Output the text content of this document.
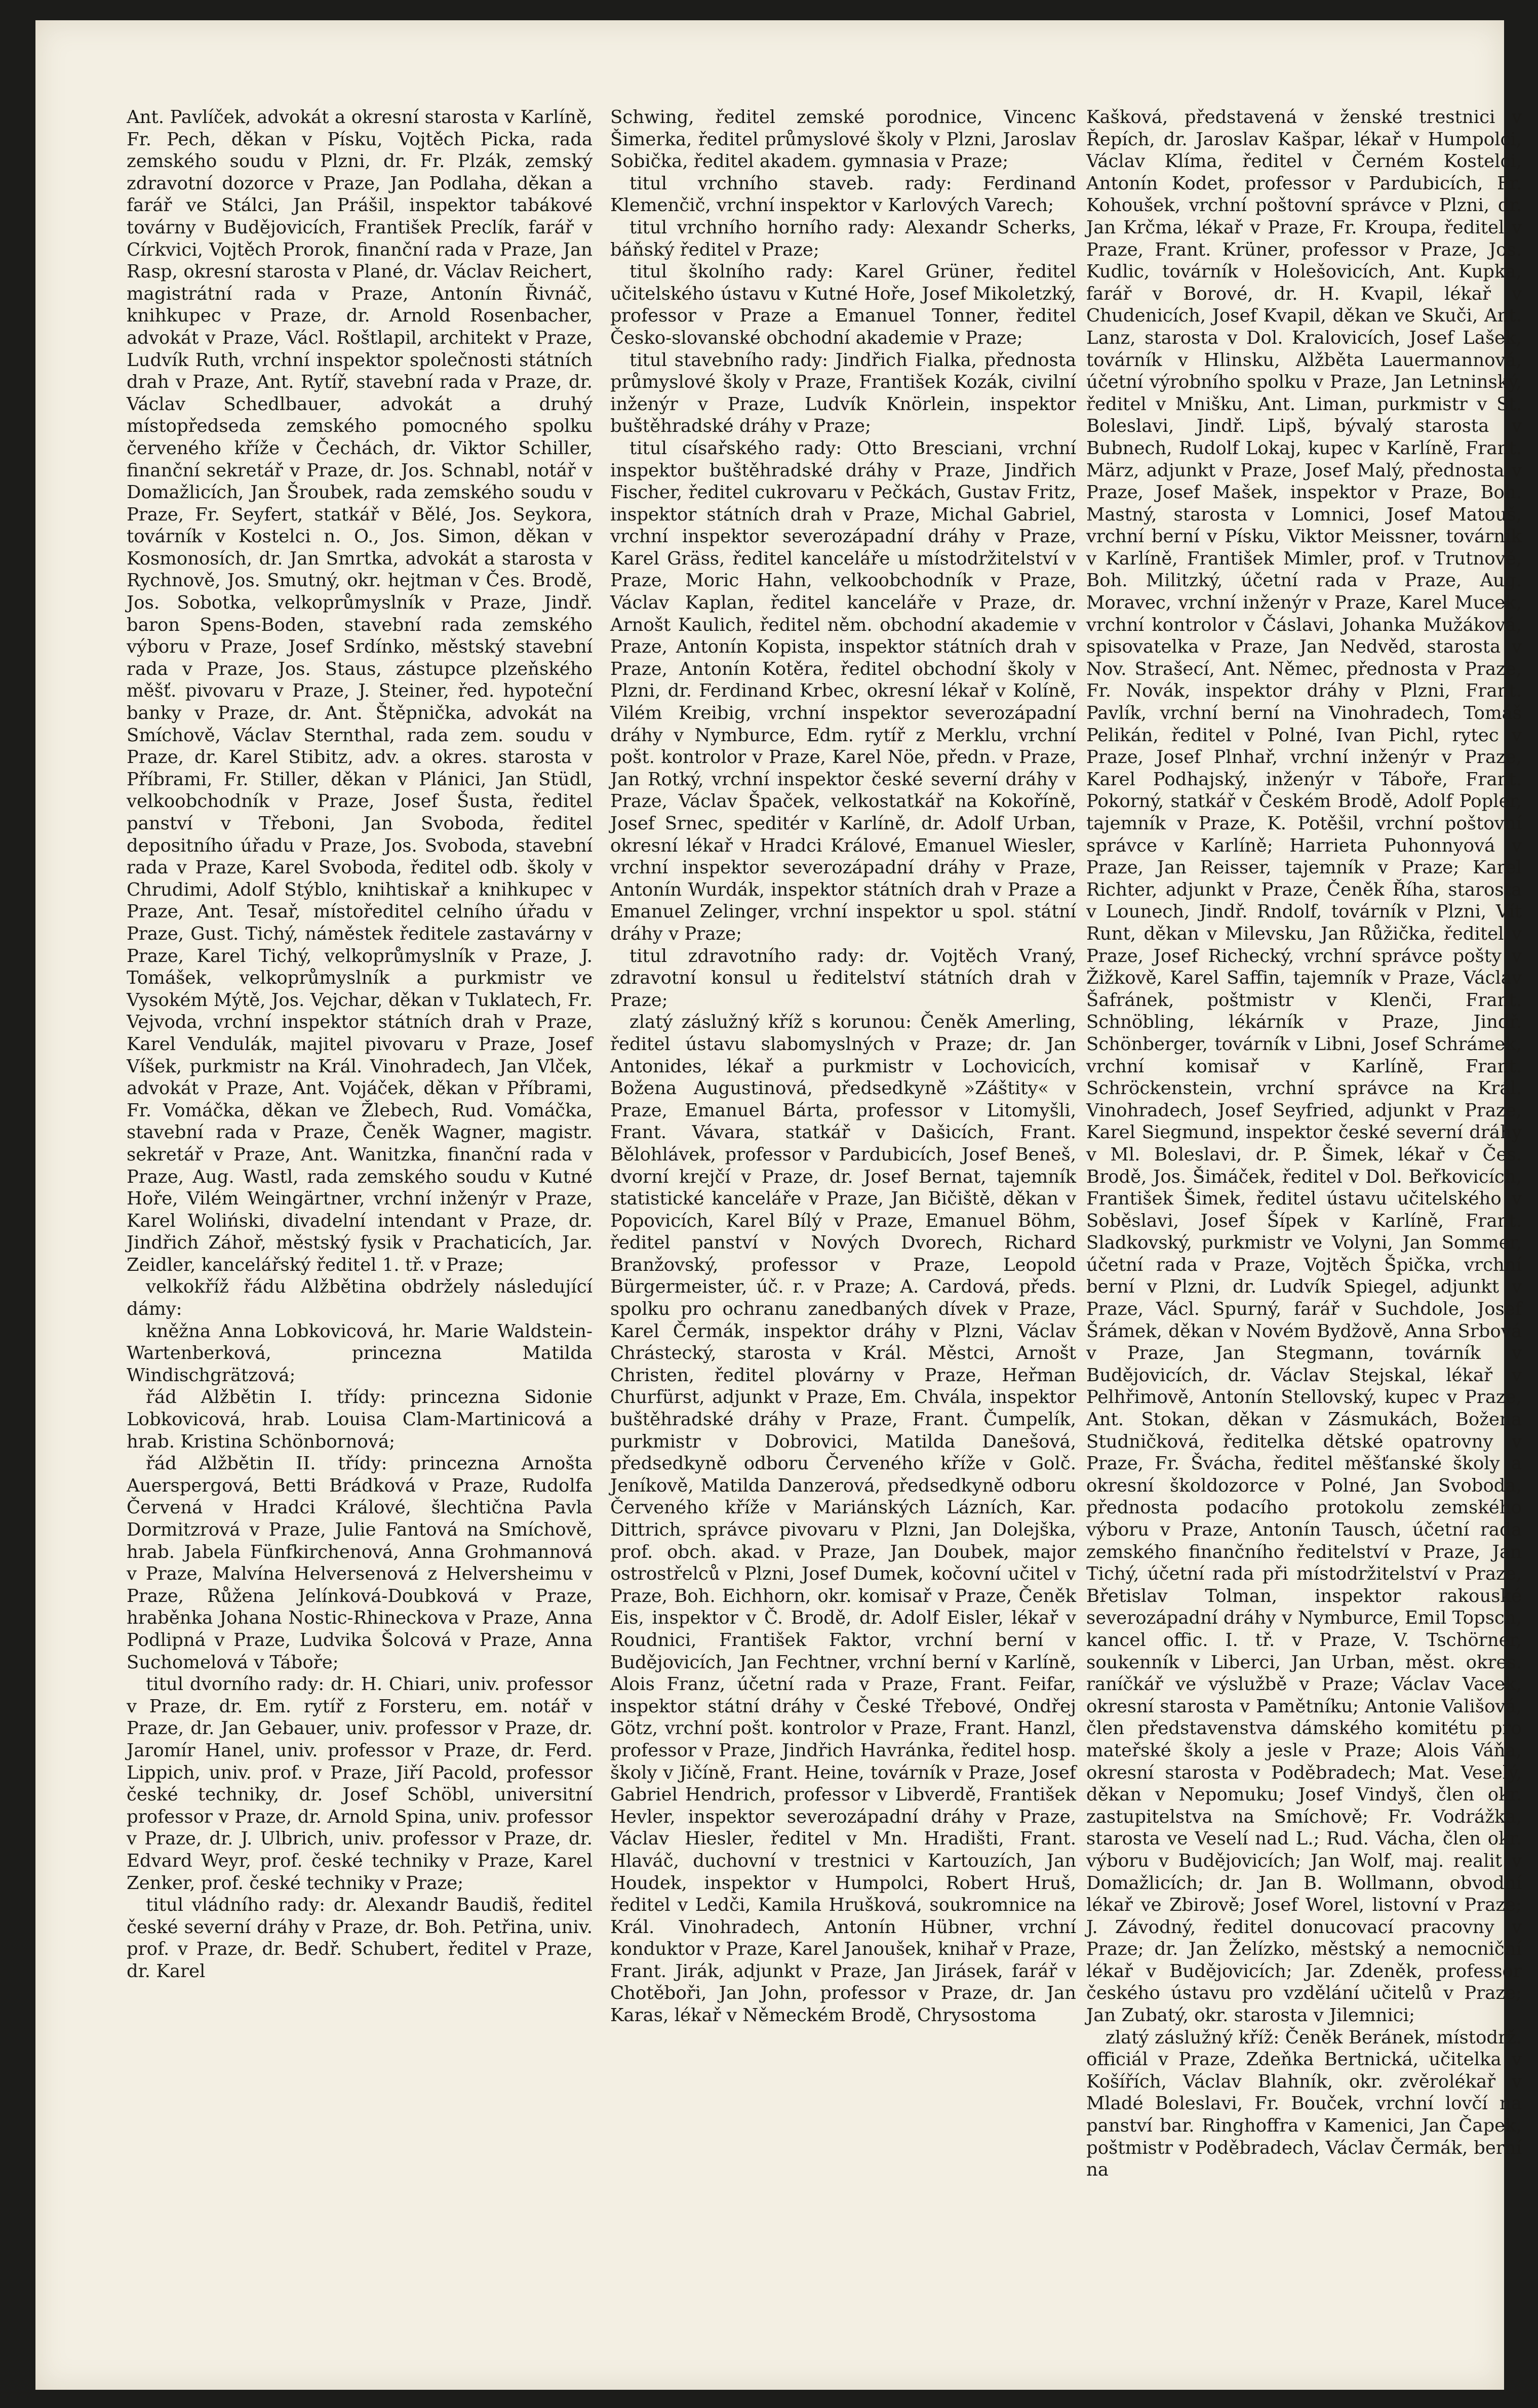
Ant. Pavlíček, advokát a okresní starosta v Karlíně, Fr. Pech, děkan v Písku, Vojtěch Picka, rada zemského soudu v Plzni, dr. Fr. Plzák, zemský zdravotní dozorce v Praze, Jan Podlaha, děkan a farář ve Stálci, Jan Prášil, inspektor tabákové továrny v Budějovicích, František Preclík, farář v Církvici, Vojtěch Prorok, finanční rada v Praze, Jan Rasp, okresní starosta v Plané, dr. Václav Reichert, magistrátní rada v Praze, Antonín Řivnáč, knihkupec v Praze, dr. Arnold Rosenbacher, advokát v Praze, Václ. Roštlapil, architekt v Praze, Ludvík Ruth, vrchní inspektor společnosti státních drah v Praze, Ant. Rytíř, stavební rada v Praze, dr. Václav Schedlbauer, advokát a druhý místopředseda zemského pomocného spolku červeného kříže v Čechách, dr. Viktor Schiller, finanční sekretář v Praze, dr. Jos. Schnabl, notář v Domažlicích, Jan Šroubek, rada zemského soudu v Praze, Fr. Seyfert, statkář v Bělé, Jos. Seykora, továrník v Kostelci n. O., Jos. Simon, děkan v Kosmonosích, dr. Jan Smrtka, advokát a starosta v Rychnově, Jos. Smutný, okr. hejtman v Čes. Brodě, Jos. Sobotka, velkoprůmyslník v Praze, Jindř. baron Spens-Boden, stavební rada zemského výboru v Praze, Josef Srdínko, městský stavební rada v Praze, Jos. Staus, zástupce plzeňského měšť. pivovaru v Praze, J. Steiner, řed. hypoteční banky v Praze, dr. Ant. Štěpnička, advokát na Smíchově, Václav Sternthal, rada zem. soudu v Praze, dr. Karel Stibitz, adv. a okres. starosta v Příbrami, Fr. Stiller, děkan v Plánici, Jan Stüdl, velkoobchodník v Praze, Josef Šusta, ředitel panství v Třeboni, Jan Svoboda, ředitel depositního úřadu v Praze, Jos. Svoboda, stavební rada v Praze, Karel Svoboda, ředitel odb. školy v Chrudimi, Adolf Stýblo, knihtiskař a knihkupec v Praze, Ant. Tesař, místoředitel celního úřadu v Praze, Gust. Tichý, náměstek ředitele zastavárny v Praze, Karel Tichý, velkoprůmyslník v Praze, J. Tomášek, velkoprůmyslník a purkmistr ve Vysokém Mýtě, Jos. Vejchar, děkan v Tuklatech, Fr. Vejvoda, vrchní inspektor státních drah v Praze, Karel Vendulák, majitel pivovaru v Praze, Josef Víšek, purkmistr na Král. Vinohradech, Jan Vlček, advokát v Praze, Ant. Vojáček, děkan v Příbrami, Fr. Vomáčka, děkan ve Žlebech, Rud. Vomáčka, stavební rada v Praze, Čeněk Wagner, magistr. sekretář v Praze, Ant. Wanitzka, finanční rada v Praze, Aug. Wastl, rada zemského soudu v Kutné Hoře, Vilém Weingärtner, vrchní inženýr v Praze, Karel Woliński, divadelní intendant v Praze, dr. Jindřich Záhoř, městský fysik v Prachaticích, Jar. Zeidler, kancelářský ředitel 1. tř. v Praze;

velkokříž řádu Alžbětina obdržely následující dámy:

kněžna Anna Lobkovicová, hr. Marie Waldstein-Wartenberková, princezna Matilda Windischgrätzová;

řád Alžbětin I. třídy: princezna Sidonie Lobkovicová, hrab. Louisa Clam-Martinicová a hrab. Kristina Schönbornová;

řád Alžbětin II. třídy: princezna Arnošta Auerspergová, Betti Brádková v Praze, Rudolfa Červená v Hradci Králové, šlechtična Pavla Dormitzrová v Praze, Julie Fantová na Smíchově, hrab. Jabela Fünfkirchenová, Anna Grohmannová v Praze, Malvína Helversenová z Helversheimu v Praze, Růžena Jelínková-Doubková v Praze, hraběnka Johana Nostic-Rhineckova v Praze, Anna Podlipná v Praze, Ludvika Šolcová v Praze, Anna Suchomelová v Táboře;

titul dvorního rady: dr. H. Chiari, univ. professor v Praze, dr. Em. rytíř z Forsteru, em. notář v Praze, dr. Jan Gebauer, univ. professor v Praze, dr. Jaromír Hanel, univ. professor v Praze, dr. Ferd. Lippich, univ. prof. v Praze, Jiří Pacold, professor české techniky, dr. Josef Schöbl, universitní professor v Praze, dr. Arnold Spina, univ. professor v Praze, dr. J. Ulbrich, univ. professor v Praze, dr. Edvard Weyr, prof. české techniky v Praze, Karel Zenker, prof. české techniky v Praze;

titul vládního rady: dr. Alexandr Baudiš, ředitel české severní dráhy v Praze, dr. Boh. Petřina, univ. prof. v Praze, dr. Bedř. Schubert, ředitel v Praze, dr. Karel

Schwing, ředitel zemské porodnice, Vincenc Šimerka, ředitel průmyslové školy v Plzni, Jaroslav Sobička, ředitel akadem. gymnasia v Praze;

titul vrchního staveb. rady: Ferdinand Klemenčič, vrchní inspektor v Karlových Varech;

titul vrchního horního rady: Alexandr Scherks, báňský ředitel v Praze;

titul školního rady: Karel Grüner, ředitel učitelského ústavu v Kutné Hoře, Josef Mikoletzký, professor v Praze a Emanuel Tonner, ředitel Česko-slovanské obchodní akademie v Praze;

titul stavebního rady: Jindřich Fialka, přednosta průmyslové školy v Praze, František Kozák, civilní inženýr v Praze, Ludvík Knörlein, inspektor buštěhradské dráhy v Praze;

titul císařského rady: Otto Bresciani, vrchní inspektor buštěhradské dráhy v Praze, Jindřich Fischer, ředitel cukrovaru v Pečkách, Gustav Fritz, inspektor státních drah v Praze, Michal Gabriel, vrchní inspektor severozápadní dráhy v Praze, Karel Gräss, ředitel kanceláře u místodržitelství v Praze, Moric Hahn, velkoobchodník v Praze, Václav Kaplan, ředitel kanceláře v Praze, dr. Arnošt Kaulich, ředitel něm. obchodní akademie v Praze, Antonín Kopista, inspektor státních drah v Praze, Antonín Kotěra, ředitel obchodní školy v Plzni, dr. Ferdinand Krbec, okresní lékař v Kolíně, Vilém Kreibig, vrchní inspektor severozápadní dráhy v Nymburce, Edm. rytíř z Merklu, vrchní pošt. kontrolor v Praze, Karel Nöe, předn. v Praze, Jan Rotký, vrchní inspektor české severní dráhy v Praze, Václav Špaček, velkostatkář na Kokoříně, Josef Srnec, speditér v Karlíně, dr. Adolf Urban, okresní lékař v Hradci Králové, Emanuel Wiesler, vrchní inspektor severozápadní dráhy v Praze, Antonín Wurdák, inspektor státních drah v Praze a Emanuel Zelinger, vrchní inspektor u spol. státní dráhy v Praze;

titul zdravotního rady: dr. Vojtěch Vraný, zdravotní konsul u ředitelství státních drah v Praze;

zlatý záslužný kříž s korunou: Čeněk Amerling, ředitel ústavu slabomyslných v Praze; dr. Jan Antonides, lékař a purkmistr v Lochovicích, Božena Augustinová, předsedkyně »Záštity« v Praze, Emanuel Bárta, professor v Litomyšli, Frant. Vávara, statkář v Dašicích, Frant. Bělohlávek, professor v Pardubicích, Josef Beneš, dvorní krejčí v Praze, dr. Josef Bernat, tajemník statistické kanceláře v Praze, Jan Bičiště, děkan v Popovicích, Karel Bílý v Praze, Emanuel Böhm, ředitel panství v Nových Dvorech, Richard Branžovský, professor v Praze, Leopold Bürgermeister, úč. r. v Praze; A. Cardová, předs. spolku pro ochranu zanedbaných dívek v Praze, Karel Čermák, inspektor dráhy v Plzni, Václav Chrástecký, starosta v Král. Městci, Arnošt Christen, ředitel plovárny v Praze, Heřman Churfürst, adjunkt v Praze, Em. Chvála, inspektor buštěhradské dráhy v Praze, Frant. Čumpelík, purkmistr v Dobrovici, Matilda Danešová, předsedkyně odboru Červeného kříže v Golč. Jeníkově, Matilda Danzerová, předsedkyně odboru Červeného kříže v Mariánských Lázních, Kar. Dittrich, správce pivovaru v Plzni, Jan Dolejška, prof. obch. akad. v Praze, Jan Doubek, major ostrostřelců v Plzni, Josef Dumek, kočovní učitel v Praze, Boh. Eichhorn, okr. komisař v Praze, Čeněk Eis, inspektor v Č. Brodě, dr. Adolf Eisler, lékař v Roudnici, František Faktor, vrchní berní v Budějovicích, Jan Fechtner, vrchní berní v Karlíně, Alois Franz, účetní rada v Praze, Frant. Feifar, inspektor státní dráhy v České Třebové, Ondřej Götz, vrchní pošt. kontrolor v Praze, Frant. Hanzl, professor v Praze, Jindřich Havránka, ředitel hosp. školy v Jičíně, Frant. Heine, továrník v Praze, Josef Gabriel Hendrich, professor v Libverdě, František Hevler, inspektor severozápadní dráhy v Praze, Václav Hiesler, ředitel v Mn. Hradišti, Frant. Hlaváč, duchovní v trestnici v Kartouzích, Jan Houdek, inspektor v Humpolci, Robert Hruš, ředitel v Ledči, Kamila Hrušková, soukromnice na Král. Vinohradech, Antonín Hübner, vrchní konduktor v Praze, Karel Janoušek, knihař v Praze, Frant. Jirák, adjunkt v Praze, Jan Jirásek, farář v Chotěboři, Jan John, professor v Praze, dr. Jan Karas, lékař v Německém Brodě, Chrysostoma

Kašková, představená v ženské trestnici v Řepích, dr. Jaroslav Kašpar, lékař v Humpolci, Václav Klíma, ředitel v Černém Kostelci, Antonín Kodet, professor v Pardubicích, Fr. Kohoušek, vrchní poštovní správce v Plzni, dr. Jan Krčma, lékař v Praze, Fr. Kroupa, ředitel v Praze, Frant. Krüner, professor v Praze, Jos. Kudlic, továrník v Holešovicích, Ant. Kupka, farář v Borové, dr. H. Kvapil, lékař v Chudenicích, Josef Kvapil, děkan ve Skuči, Ant. Lanz, starosta v Dol. Kralovicích, Josef Lašek, továrník v Hlinsku, Alžběta Lauermannová, účetní výrobního spolku v Praze, Jan Letninský, ředitel v Mnišku, Ant. Liman, purkmistr v St. Boleslavi, Jindř. Lipš, bývalý starosta v Bubnech, Rudolf Lokaj, kupec v Karlíně, Frant. März, adjunkt v Praze, Josef Malý, přednosta v Praze, Josef Mašek, inspektor v Praze, Boh. Mastný, starosta v Lomnici, Josef Matouš, vrchní berní v Písku, Viktor Meissner, továrník v Karlíně, František Mimler, prof. v Trutnově, Boh. Militzký, účetní rada v Praze, Aug. Moravec, vrchní inženýr v Praze, Karel Mucek, vrchní kontrolor v Čáslavi, Johanka Mužáková, spisovatelka v Praze, Jan Nedvěd, starosta v Nov. Strašecí, Ant. Němec, přednosta v Praze, Fr. Novák, inspektor dráhy v Plzni, Frant. Pavlík, vrchní berní na Vinohradech, Tomáš Pelikán, ředitel v Polné, Ivan Pichl, rytec v Praze, Josef Plnhař, vrchní inženýr v Praze, Karel Podhajský, inženýr v Táboře, Frant. Pokorný, statkář v Českém Brodě, Adolf Popler, tajemník v Praze, K. Potěšil, vrchní poštovní správce v Karlíně; Harrieta Puhonnyová v Praze, Jan Reisser, tajemník v Praze; Karel Richter, adjunkt v Praze, Čeněk Říha, starosta v Lounech, Jindř. Rndolf, továrník v Plzni, Vít Runt, děkan v Milevsku, Jan Růžička, ředitel v Praze, Josef Richecký, vrchní správce pošty v Žižkově, Karel Saffin, tajemník v Praze, Václav Šafránek, poštmistr v Klenči, Frant. Schnöbling, lékárník v Praze, Jindř. Schönberger, továrník v Libni, Josef Schrámek, vrchní komisař v Karlíně, Frant. Schröckenstein, vrchní správce na Král. Vinohradech, Josef Seyfried, adjunkt v Praze, Karel Siegmund, inspektor české severní dráhy v Ml. Boleslavi, dr. P. Šimek, lékař v Čes. Brodě, Jos. Šimáček, ředitel v Dol. Beřkovicích, František Šimek, ředitel ústavu učitelského v Soběslavi, Josef Šípek v Karlíně, Frant. Sladkovský, purkmistr ve Volyni, Jan Sommer, účetní rada v Praze, Vojtěch Špička, vrchní berní v Plzni, dr. Ludvík Spiegel, adjunkt v Praze, Václ. Spurný, farář v Suchdole, Josef Šrámek, děkan v Novém Bydžově, Anna Srbová v Praze, Jan Stegmann, továrník v Budějovicích, dr. Václav Stejskal, lékař v Pelhřimově, Antonín Stellovský, kupec v Praze, Ant. Stokan, děkan v Zásmukách, Božena Studničková, ředitelka dětské opatrovny v Praze, Fr. Švácha, ředitel měšťanské školy a okresní školdozorce v Polné, Jan Svoboda, přednosta podacího protokolu zemského výboru v Praze, Antonín Tausch, účetní rada zemského finančního ředitelství v Praze, Jan Tichý, účetní rada při místodržitelství v Praze, Břetislav Tolman, inspektor rakouské severozápadní dráhy v Nymburce, Emil Topsch, kancel offic. I. tř. v Praze, V. Tschörner, soukenník v Liberci, Jan Urban, měst. okres. raníčkář ve výslužbě v Praze; Václav Vacek, okresní starosta v Pamětníku; Antonie Vališová, člen představenstva dámského komitétu pro mateřské školy a jesle v Praze; Alois Váňa, okresní starosta v Poděbradech; Mat. Veselý, děkan v Nepomuku; Josef Vindyš, člen okr. zastupitelstva na Smíchově; Fr. Vodrážka, starosta ve Veselí nad L.; Rud. Vácha, člen okr. výboru v Budějovicích; Jan Wolf, maj. realit v Domažlicích; dr. Jan B. Wollmann, obvodní lékař ve Zbirově; Josef Worel, listovní v Praze; J. Závodný, ředitel donucovací pracovny v Praze; dr. Jan Želízko, městský a nemocniční lékař v Budějovicích; Jar. Zdeněk, professor českého ústavu pro vzdělání učitelů v Praze; Jan Zubatý, okr. starosta v Jilemnici;

zlatý záslužný kříž: Čeněk Beránek, místodrž. officiál v Praze, Zdeňka Bertnická, učitelka v Košířích, Václav Blahník, okr. zvěrolékař v Mladé Boleslavi, Fr. Bouček, vrchní lovčí na panství bar. Ringhoffra v Kamenici, Jan Čapek, poštmistr v Poděbradech, Václav Čermák, berní na
